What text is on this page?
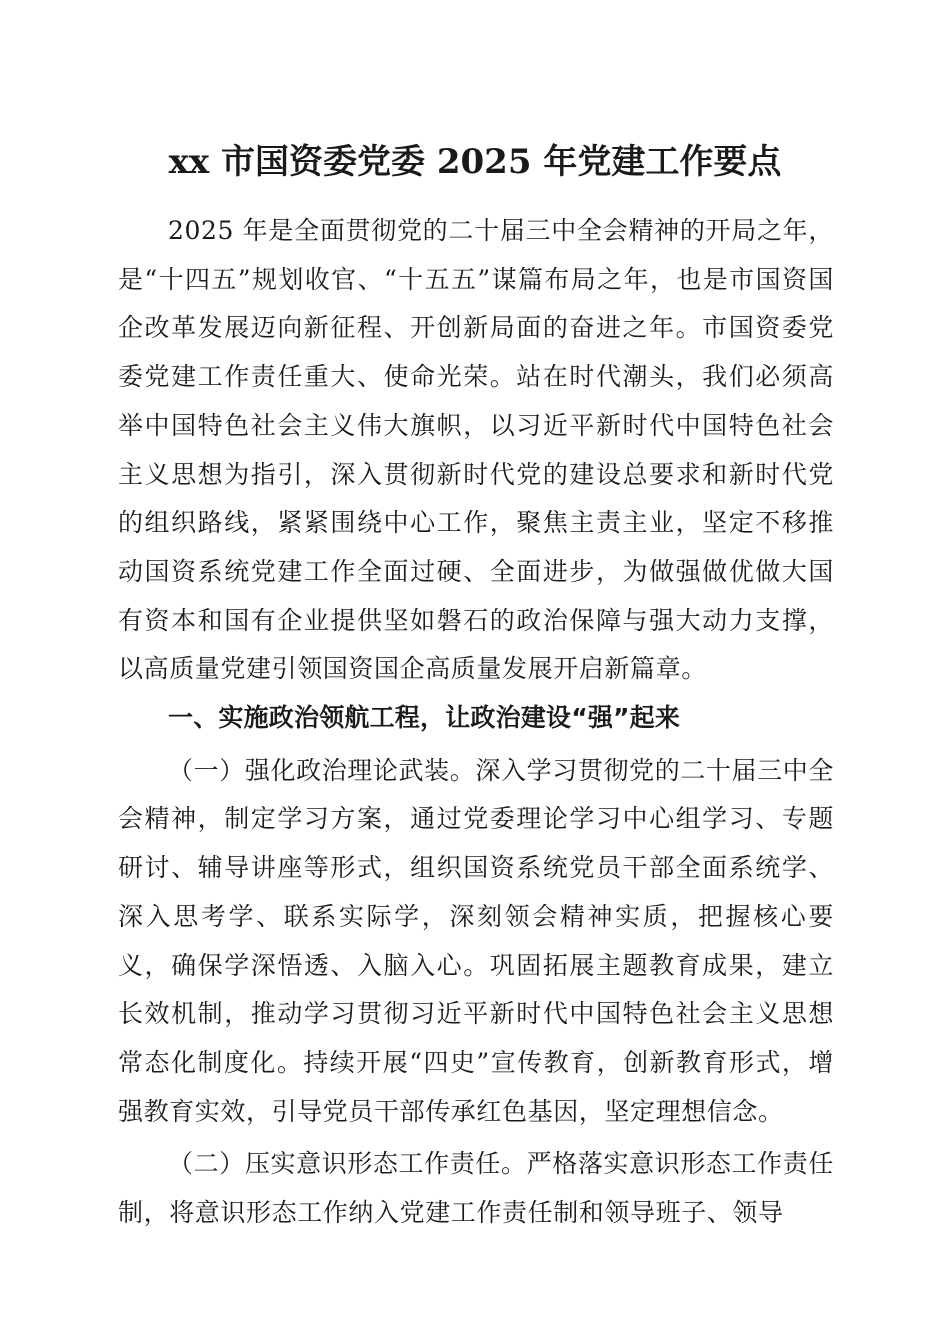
xx 市国资委党委 2025 年党建工作要点

2025 年是全面贯彻党的二十届三中全会精神的开局之年，是“十四五”规划收官、“十五五”谋篇布局之年，也是市国资国企改革发展迈向新征程、开创新局面的奋进之年。市国资委党委党建工作责任重大、使命光荣。站在时代潮头，我们必须高举中国特色社会主义伟大旗帜，以习近平新时代中国特色社会主义思想为指引，深入贯彻新时代党的建设总要求和新时代党的组织路线，紧紧围绕中心工作，聚焦主责主业，坚定不移推动国资系统党建工作全面过硬、全面进步，为做强做优做大国有资本和国有企业提供坚如磐石的政治保障与强大动力支撑，以高质量党建引领国资国企高质量发展开启新篇章。

一、实施政治领航工程，让政治建设“强”起来

（一）强化政治理论武装。深入学习贯彻党的二十届三中全会精神，制定学习方案，通过党委理论学习中心组学习、专题研讨、辅导讲座等形式，组织国资系统党员干部全面系统学、深入思考学、联系实际学，深刻领会精神实质，把握核心要义，确保学深悟透、入脑入心。巩固拓展主题教育成果，建立长效机制，推动学习贯彻习近平新时代中国特色社会主义思想常态化制度化。持续开展“四史”宣传教育，创新教育形式，增强教育实效，引导党员干部传承红色基因，坚定理想信念。

（二）压实意识形态工作责任。严格落实意识形态工作责任制，将意识形态工作纳入党建工作责任制和领导班子、领导
